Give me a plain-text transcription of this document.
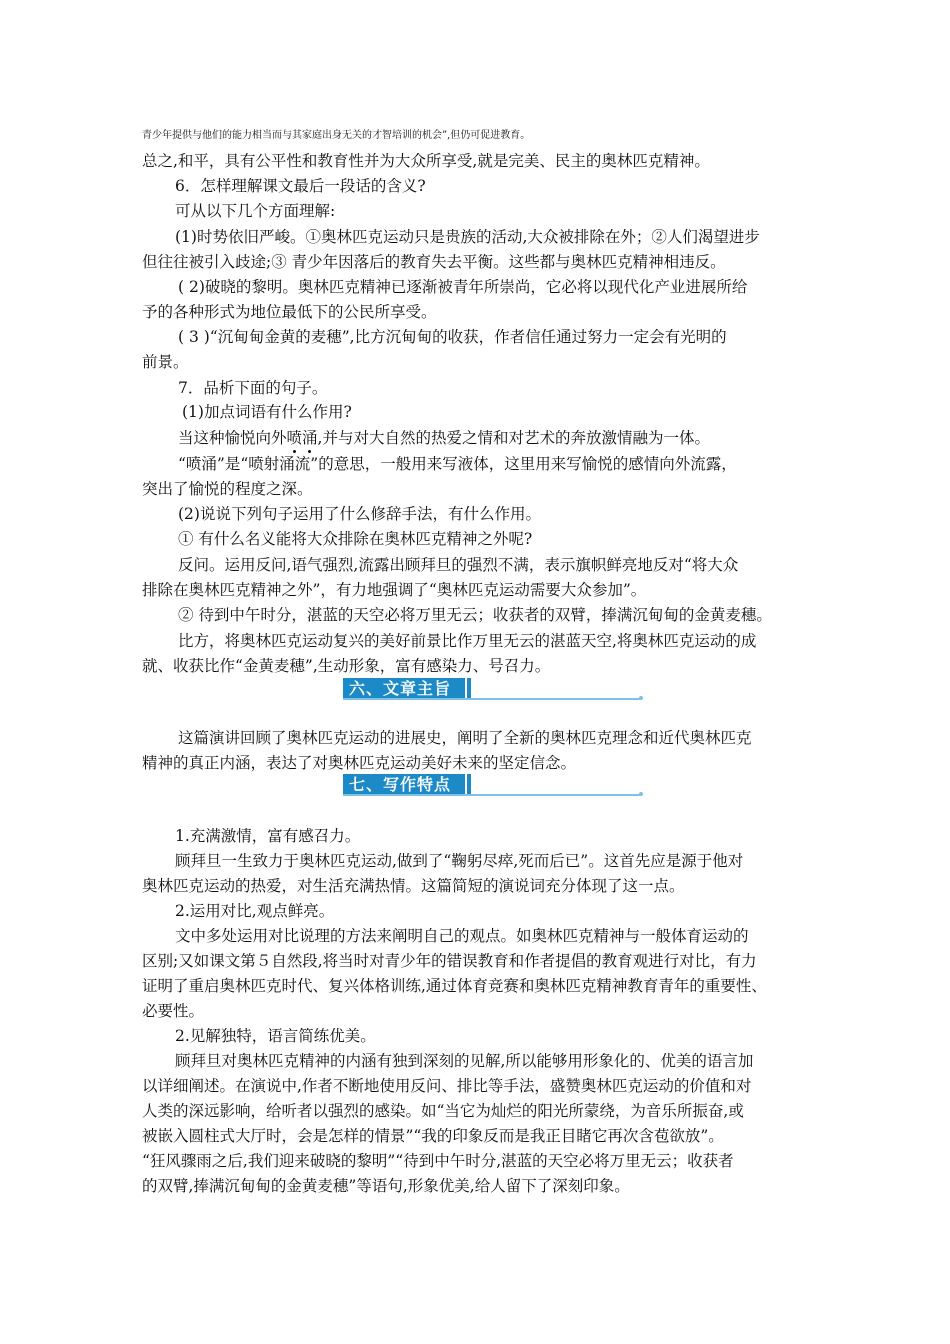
青少年提供与他们的能力相当而与其家庭出身无关的才智培训的机会”,但仍可促进教育。

总之,和平，具有公平性和教育性并为大众所享受,就是完美、民主的奥林匹克精神。

6．怎样理解课文最后一段话的含义?

可从以下几个方面理解:

(1)时势依旧严峻。①奥林匹克运动只是贵族的活动,大众被排除在外；②人们渴望进步

但往往被引入歧途;③ 青少年因落后的教育失去平衡。这些都与奥林匹克精神相违反。

( 2)破晓的黎明。奥林匹克精神已逐渐被青年所崇尚，它必将以现代化产业进展所给

予的各种形式为地位最低下的公民所享受。

( 3 )“沉甸甸金黄的麦穗”,比方沉甸甸的收获，作者信任通过努力一定会有光明的

前景。

7．品析下面的句子。

(1)加点词语有什么作用?

当这种愉悦向外喷涌,并与对大自然的热爱之情和对艺术的奔放激情融为一体。

“喷涌”是“喷射涌流”的意思，一般用来写液体，这里用来写愉悦的感情向外流露，

突出了愉悦的程度之深。

(2)说说下列句子运用了什么修辞手法，有什么作用。

① 有什么名义能将大众排除在奥林匹克精神之外呢?

反问。运用反问,语气强烈,流露出顾拜旦的强烈不满，表示旗帜鲜亮地反对“将大众

排除在奥林匹克精神之外”，有力地强调了“奥林匹克运动需要大众参加”。

② 待到中午时分，湛蓝的天空必将万里无云；收获者的双臂，捧满沉甸甸的金黄麦穗。

比方，将奥林匹克运动复兴的美好前景比作万里无云的湛蓝天空,将奥林匹克运动的成

就、收获比作“金黄麦穗”,生动形象，富有感染力、号召力。

六、文章主旨

这篇演讲回顾了奥林匹克运动的进展史，阐明了全新的奥林匹克理念和近代奥林匹克

精神的真正内涵，表达了对奥林匹克运动美好未来的坚定信念。

七、写作特点

1.充满激情，富有感召力。

顾拜旦一生致力于奥林匹克运动,做到了“鞠躬尽瘁,死而后已”。这首先应是源于他对

奥林匹克运动的热爱，对生活充满热情。这篇简短的演说词充分体现了这一点。

2.运用对比,观点鲜亮。

文中多处运用对比说理的方法来阐明自己的观点。如奥林匹克精神与一般体育运动的

区别;又如课文第５自然段,将当时对青少年的错误教育和作者提倡的教育观进行对比，有力

证明了重启奥林匹克时代、复兴体格训练,通过体育竞赛和奥林匹克精神教育青年的重要性、

必要性。

2.见解独特，语言简练优美。

顾拜旦对奥林匹克精神的内涵有独到深刻的见解,所以能够用形象化的、优美的语言加

以详细阐述。在演说中,作者不断地使用反问、排比等手法，盛赞奥林匹克运动的价值和对

人类的深远影响，给听者以强烈的感染。如“当它为灿烂的阳光所蒙绕，为音乐所振奋,或

被嵌入圆柱式大厅时，会是怎样的情景”“我的印象反而是我正目睹它再次含苞欲放”。

“狂风骤雨之后,我们迎来破晓的黎明”“待到中午时分,湛蓝的天空必将万里无云；收获者

的双臂,捧满沉甸甸的金黄麦穗”等语句,形象优美,给人留下了深刻印象。
